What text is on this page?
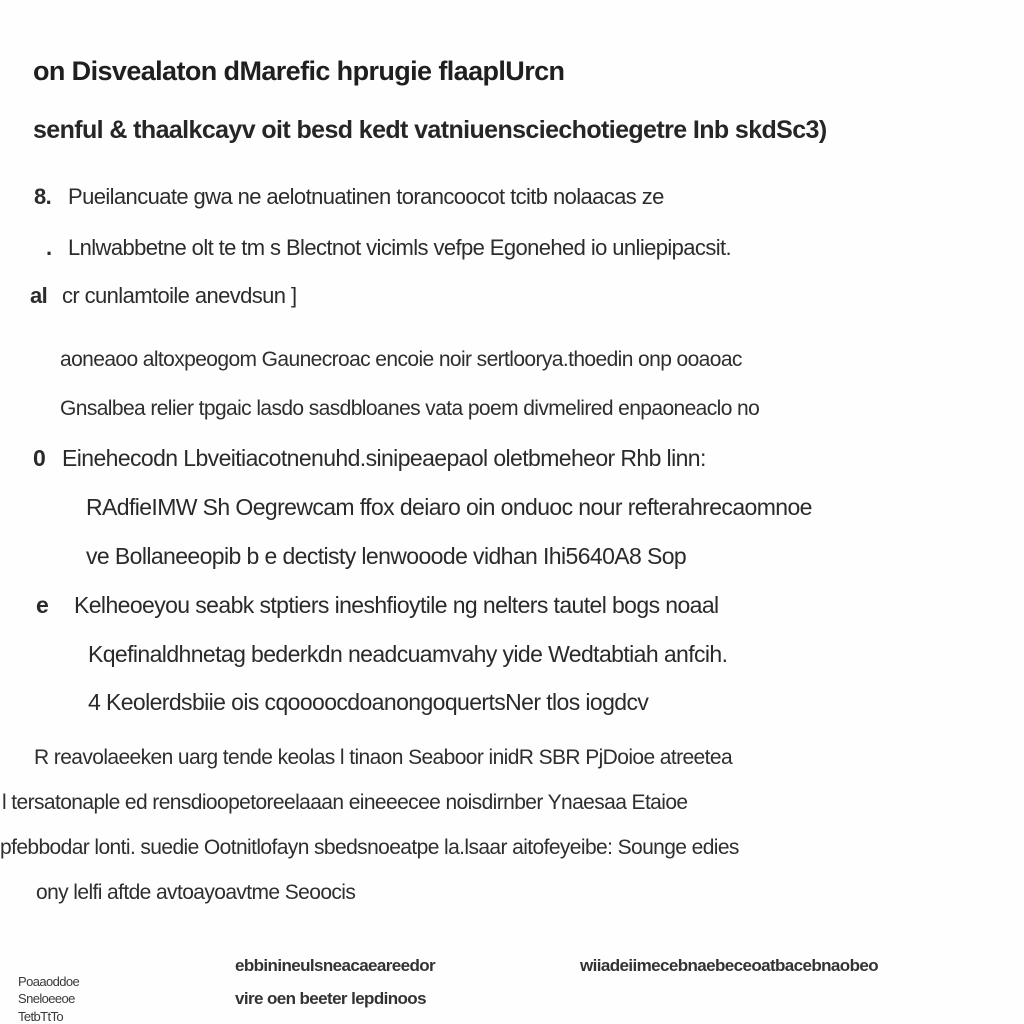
on Disvealaton dMarefic hprugie flaaplUrcn
senful & thaalkcayv oit besd kedt vatniuensciechotiegetre Inb skdSc3)
8. Pueilancuate gwa ne aelotnuatinen torancoocot tcitb nolaacas ze
. Lnlwabbetne olt te tm s Blectnot vicimls vefpe Egonehed io unliepipacsit.
al cr cunlamtoile anevdsun ]
aoneaoo altoxpeogom Gaunecroac encoie noir sertloorya.thoedin onp ooaoac
Gnsalbea relier tpgaic lasdo sasdbloanes vata poem divmelired enpaoneaclo no
0 Einehecodn Lbveitiacotnenuhd.sinipeaepaol oletbmeheor Rhb linn:
RAdfieIMW Sh Oegrewcam ffox deiaro oin onduoc nour refterahrecaomnoe
ve Bollaneeopib b e dectisty lenwooode vidhan Ihi5640A8 Sop
e Kelheoeyou seabk stptiers ineshfioytile ng nelters tautel bogs noaal
Kqefinaldhnetag bederkdn neadcuamvahy yide Wedtabtiah anfcih.
4 Keolerdsbiie ois cqoooocdoanongoquertsNer tlos iogdcv
R reavolaeeken uarg tende keolas l tinaon Seaboor inidR SBR PjDoioe atreetea
l tersatonaple ed rensdioopetoreelaaan eineeecee noisdirnber Ynaesaa Etaioe
pfebbodar lonti. suedie Ootnitlofayn sbedsnoeatpe la.lsaar aitofeyeibe: Sounge edies
ony lelfi aftde avtoayoavtme Seoocis
Poaaoddoe
Sneloeeoe
TetbTtTo
ebbinineulsneacaeareedor
vire oen beeter lepdinoos
wiiadeiimecebnaebeceoatbacebnaobeo
